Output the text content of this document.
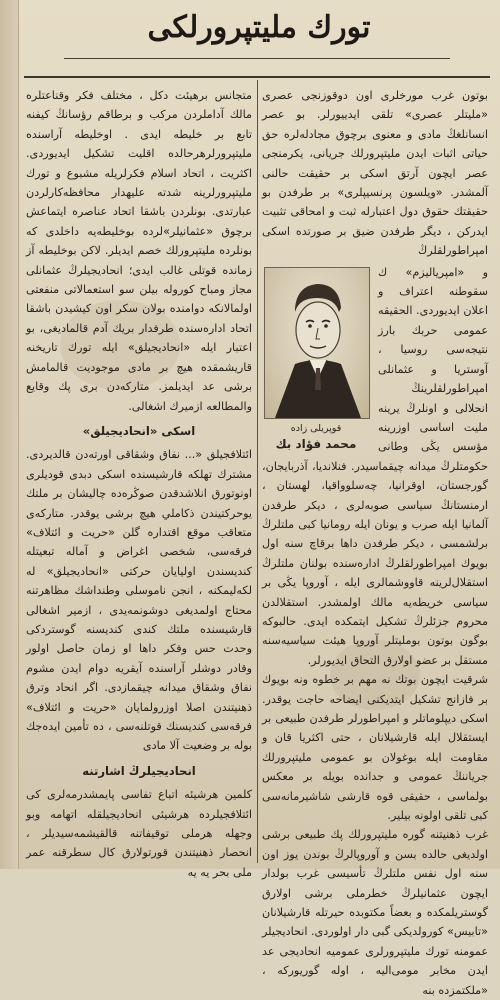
تورك مليتپرورلكى

بوتون غرب مورخلرى اون دوقوزنجى عصرى «مليتلر عصرى» تلقى ايدييورلر. بو عصر انسانلغڭ مادى و معنوى برچوق مجادله‌لره حق حياتى اثبات ايدن مليتپرورلك جريانى، يكرمنجى عصر ايچون آرتق اسكى بر حقيقت حالنى آلمشدر. «ويلسون پرنسيپلرى» بر طرفدن بو حقيقتك حقوق دول اعتبارله ثبت و امحاقى تثبيت ايدركن ، ديگر طرفدن ضيق بر صورتده اسكى امپراطورلقلرڭ

قوپريلى زاده
محمد فؤاد بك

و «امپرياليزم» ك سقوطنه اعتراف و اعلان ايديوردى. الحقيقه عمومى حربك بارز نتيجه‌سى روسيا ، آوستريا و عثمانلى امپراطورلقلرينڭ انحلالى و اونلرڭ يرينه مليت اساسى اوزرينه مؤسس يڭى وطانى حكومتلرڭ ميدانه چيقماسيدر. فنلانديا، آذربايجان، گورجستان، اوقرانيا، چه‌سلوواقيا، لهستان ، ارمنستانڭ سياسى صوبه‌لرى ، ديكر طرفدن آلمانيا ايله صرب و يونان ايله رومانيا كبى ملتلرڭ برلشمسى ، ديكر طرفدن داها برقاچ سنه اول بويوك امپراطورلقلرڭ اداره‌سنده بولنان ملتلرڭ استقلال‌لرينه قاووشمالرى ايله ، آوروپا يڭى بر سياسى خريطه‌يه مالك اولمشدر. استقلالدن محروم جزئلرڭ تشكيل ايتمكده ايدى. حالبوكه بوگون بوتون بومليتلر آوروپا هيئت سياسيه‌سنه مستقل بر عضو اولارق التحاق ايديورلر.

شرقيت ايچون بوتك نه مهم بر خطوه ونه بويوك بر فازانج تشكيل ايتديكنى ايضاحه حاجت يوقدر. اسكى ديپلوماتلر و امپراطورلر طرفدن طبيعى بر ايستقلال ايله قارشيلانان ، حتى اكثريا قان و مقاومت ايله بوغولان بو عمومى مليتپرورلك جرياننڭ عمومى و جدانده بويله بر معكس بولماسى ، حقيقى قوه قارشى شاشيرمانه‌سى كبى تلقى اولونه بيلير.

غرب ذهنيتنه گوره مليتپرورلك پك طبيعى برشى اولديغى حالده بسن و آوروپالرڭ بوندن يوز اون سنه اول نفس ملتلرڭ تأسيسى غرب بولدار ايچون عثمانيلرڭ خطرملى برشى اولارق گوستريلمكده و بعضاً مكتوبده حيرتله قارشيلانان «تابيس» كورولديكى گبى دار اولوردى. انحاديجيلر عمومنه تورك مليتپرورلرى عموميه انحاديجى عد ايدن مخابر مومى‌اليه ، اوله گوريوركه ، «ملكتمزده بنه

متجانس برهيئت دكل ، مختلف فكر وقناعتلره مالك آداملردن مركب و برطاقم رؤسانڭ كيفنه تابع بر خليطه ايدى . اوخليطه آراسنده مليتپرورلرهرحالده اقليت تشكيل ايديوردى. اكثريت ، اتحاد اسلام فكرلريله مشبوع و تورك مليتپرورلرينه شدته عليهدار محافظه‌كارلردن عبارتدى. بونلردن باشقا اتحاد عناصره ايتماعش برچوق «عثمانيلر»لرده بوخليطه‌يه داخلدى كه بونلرده مليتپرورلك خصم ايديلر. لاكن بوخليطه آز زمانده قوتلى غالب ايدى؛ انحاديجيلرڭ عثمانلى مجاز ومباح كوروله بيلن سو استعمالاتى منفعتى اولمالانكه دوامنده بولان سكر اون كيشيدن باشقا اتحاد اداره‌سنده طرفدار بريك آدم قالماديغى، بو اعتبار ايله «انحاديجيلق» ايله تورك تاريخنه قاريشمقده هيچ بر مادى موجوديت قالمامش برشى عد ايديلمز. متاركه‌دن برى پك وقايع والمطالعه ازميرك اشغالى.

اسكى «انحاديجيلق»

ائتلافجيلق «... نفاق وشقاقى اورته‌دن قالديردى. مشترك تهلكه قارشيسنده اسكى دبدى قوديلرى اونوتورق انلاشدقدن صوڭره‌ده چاليشان بر ملتك يوحركتيندن ذكاملي هيچ برشى يوقدر. متاركه‌ى متعاقب موقع اقتداره گلن «حريت و ائتلاف» فرقه‌سى، شخصى اغراض و آماله تبعيتله كنديسندن اوليايان حركتى «انحاديجيلق» له لكه‌ليمكنه ، انجن ناموسلى وطنداشك مظاهرتنه محتاج اولمديغى دوشونمه‌يدى ، ازمير اشغالى قارشيسنده ملتك كندى كنديسنه گوستردكى وحدت حس وفكر داها او زمان حاصل اولور وقادر دوشلر آراسنده آيقريه دوام ايدن مشوم نفاق وشقاق ميدانه چيقمازدى. اگر انحاد وترق ذهنيتندن اصلا اوزرولمايان «حريت و ائتلاف» فرقه‌سى كنديسنك قوتلنه‌سى ، ده تأمين ايدەجك بوله بر وضعيت آلا مادى

انحاديجيلرڭ اشارتنه

كلمين هرشيئه اتباع تفاسى پايمشدرمه‌لرى كى ائتلافجيلرده هرشيئى انحاديجيلقله اتهامه وبو وجهله هرملى توقيفاتنه قالقيشمه‌سيديلر ، انحصار ذهنيتندن قورتولارق كال سطرقنه عمر ملى بحر يه يه
